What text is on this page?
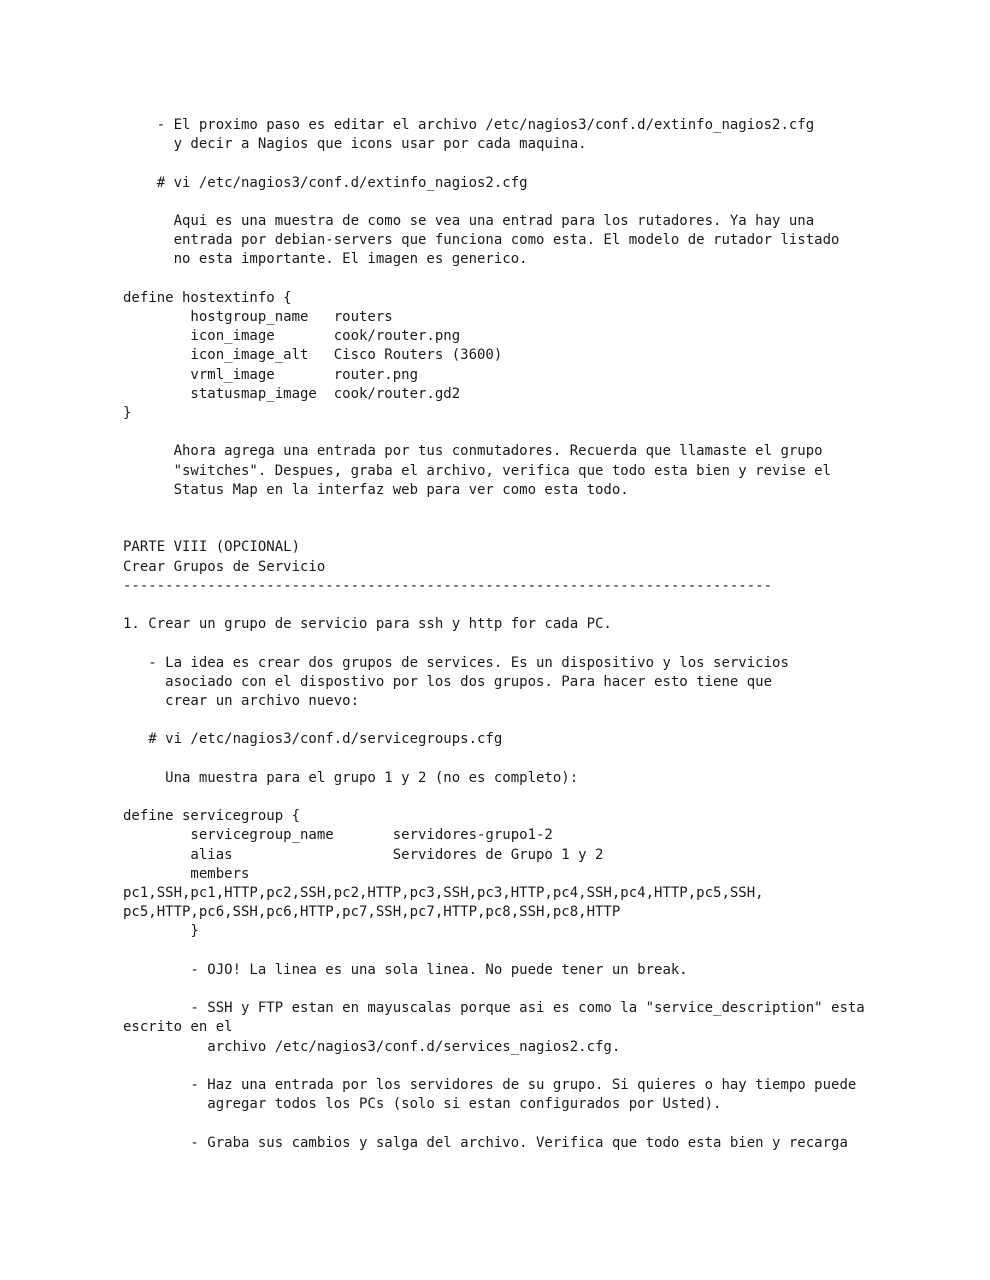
- El proximo paso es editar el archivo /etc/nagios3/conf.d/extinfo_nagios2.cfg

y decir a Nagios que icons usar por cada maquina.

# vi /etc/nagios3/conf.d/extinfo_nagios2.cfg

Aqui es una muestra de como se vea una entrad para los rutadores. Ya hay una

entrada por debian-servers que funciona como esta. El modelo de rutador listado

no esta importante. El imagen es generico.

define hostextinfo {

hostgroup_name   routers

icon_image       cook/router.png

icon_image_alt   Cisco Routers (3600)

vrml_image       router.png

statusmap_image  cook/router.gd2

}

Ahora agrega una entrada por tus conmutadores. Recuerda que llamaste el grupo

"switches". Despues, graba el archivo, verifica que todo esta bien y revise el

Status Map en la interfaz web para ver como esta todo.

PARTE VIII (OPCIONAL)

Crear Grupos de Servicio

-----------------------------------------------------------------------------

1. Crear un grupo de servicio para ssh y http for cada PC.

- La idea es crear dos grupos de services. Es un dispositivo y los servicios

asociado con el dispostivo por los dos grupos. Para hacer esto tiene que

crear un archivo nuevo:

# vi /etc/nagios3/conf.d/servicegroups.cfg

Una muestra para el grupo 1 y 2 (no es completo):

define servicegroup {

servicegroup_name       servidores-grupo1-2

alias                   Servidores de Grupo 1 y 2

members

pc1,SSH,pc1,HTTP,pc2,SSH,pc2,HTTP,pc3,SSH,pc3,HTTP,pc4,SSH,pc4,HTTP,pc5,SSH,

pc5,HTTP,pc6,SSH,pc6,HTTP,pc7,SSH,pc7,HTTP,pc8,SSH,pc8,HTTP

}

- OJO! La linea es una sola linea. No puede tener un break.

- SSH y FTP estan en mayuscalas porque asi es como la "service_description" esta

escrito en el

archivo /etc/nagios3/conf.d/services_nagios2.cfg.

- Haz una entrada por los servidores de su grupo. Si quieres o hay tiempo puede

agregar todos los PCs (solo si estan configurados por Usted).

- Graba sus cambios y salga del archivo. Verifica que todo esta bien y recarga
